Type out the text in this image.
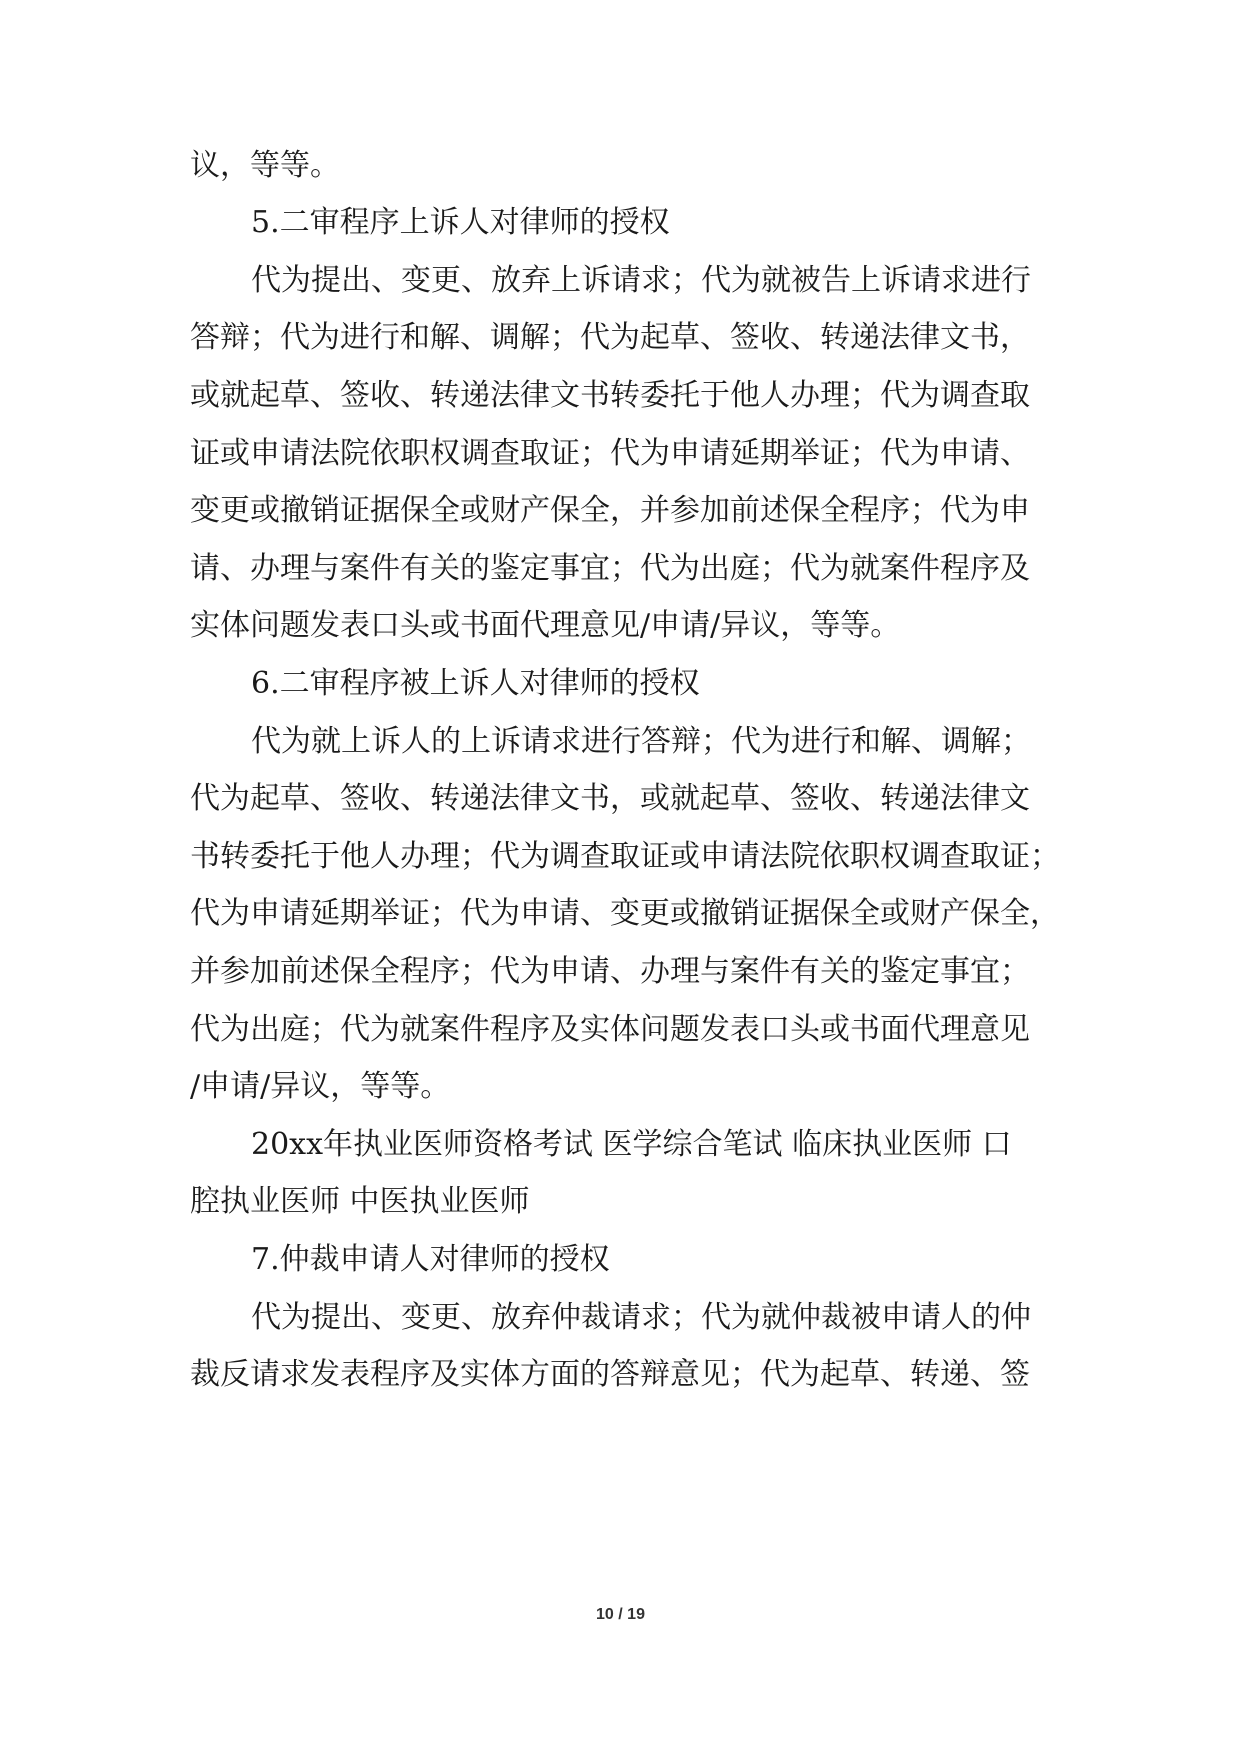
议，等等。
5.二审程序上诉人对律师的授权
代为提出、变更、放弃上诉请求；代为就被告上诉请求进行
答辩；代为进行和解、调解；代为起草、签收、转递法律文书，
或就起草、签收、转递法律文书转委托于他人办理；代为调查取
证或申请法院依职权调查取证；代为申请延期举证；代为申请、
变更或撤销证据保全或财产保全，并参加前述保全程序；代为申
请、办理与案件有关的鉴定事宜；代为出庭；代为就案件程序及
实体问题发表口头或书面代理意见/申请/异议，等等。
6.二审程序被上诉人对律师的授权
代为就上诉人的上诉请求进行答辩；代为进行和解、调解；
代为起草、签收、转递法律文书，或就起草、签收、转递法律文
书转委托于他人办理；代为调查取证或申请法院依职权调查取证；
代为申请延期举证；代为申请、变更或撤销证据保全或财产保全，
并参加前述保全程序；代为申请、办理与案件有关的鉴定事宜；
代为出庭；代为就案件程序及实体问题发表口头或书面代理意见
/申请/异议，等等。
20xx年执业医师资格考试 医学综合笔试 临床执业医师 口
腔执业医师 中医执业医师
7.仲裁申请人对律师的授权
代为提出、变更、放弃仲裁请求；代为就仲裁被申请人的仲
裁反请求发表程序及实体方面的答辩意见；代为起草、转递、签
10 / 19
